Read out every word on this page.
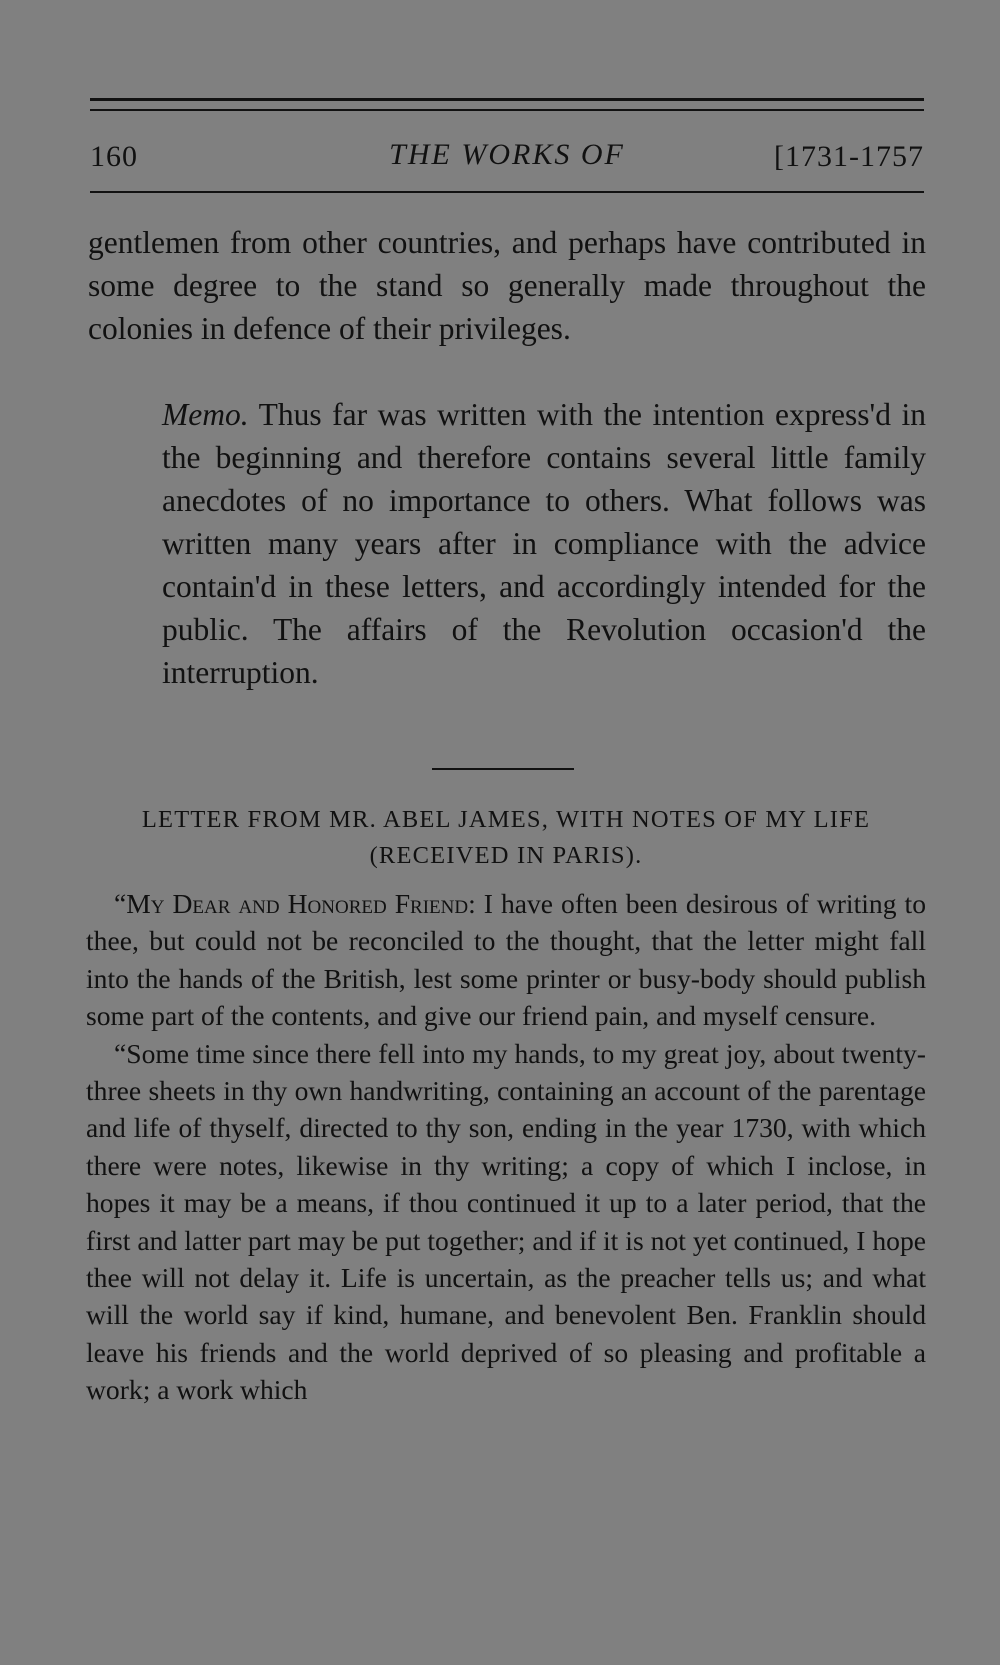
160	THE WORKS OF	[1731-1757

gentlemen from other countries, and perhaps have contributed in some degree to the stand so generally made throughout the colonies in defence of their privileges.

Memo. Thus far was written with the intention express'd in the beginning and therefore contains several little family anecdotes of no importance to others. What follows was written many years after in compliance with the advice contain'd in these letters, and accordingly intended for the public. The affairs of the Revolution occasion'd the interruption.

LETTER FROM MR. ABEL JAMES, WITH NOTES OF MY LIFE
(RECEIVED IN PARIS).

“My Dear and Honored Friend: I have often been desirous of writing to thee, but could not be reconciled to the thought, that the letter might fall into the hands of the British, lest some printer or busy-body should publish some part of the contents, and give our friend pain, and myself censure.

“Some time since there fell into my hands, to my great joy, about twenty-three sheets in thy own handwriting, containing an account of the parentage and life of thyself, directed to thy son, ending in the year 1730, with which there were notes, likewise in thy writing; a copy of which I inclose, in hopes it may be a means, if thou continued it up to a later period, that the first and latter part may be put together; and if it is not yet continued, I hope thee will not delay it. Life is uncertain, as the preacher tells us; and what will the world say if kind, humane, and benevolent Ben. Franklin should leave his friends and the world deprived of so pleasing and profitable a work; a work which
